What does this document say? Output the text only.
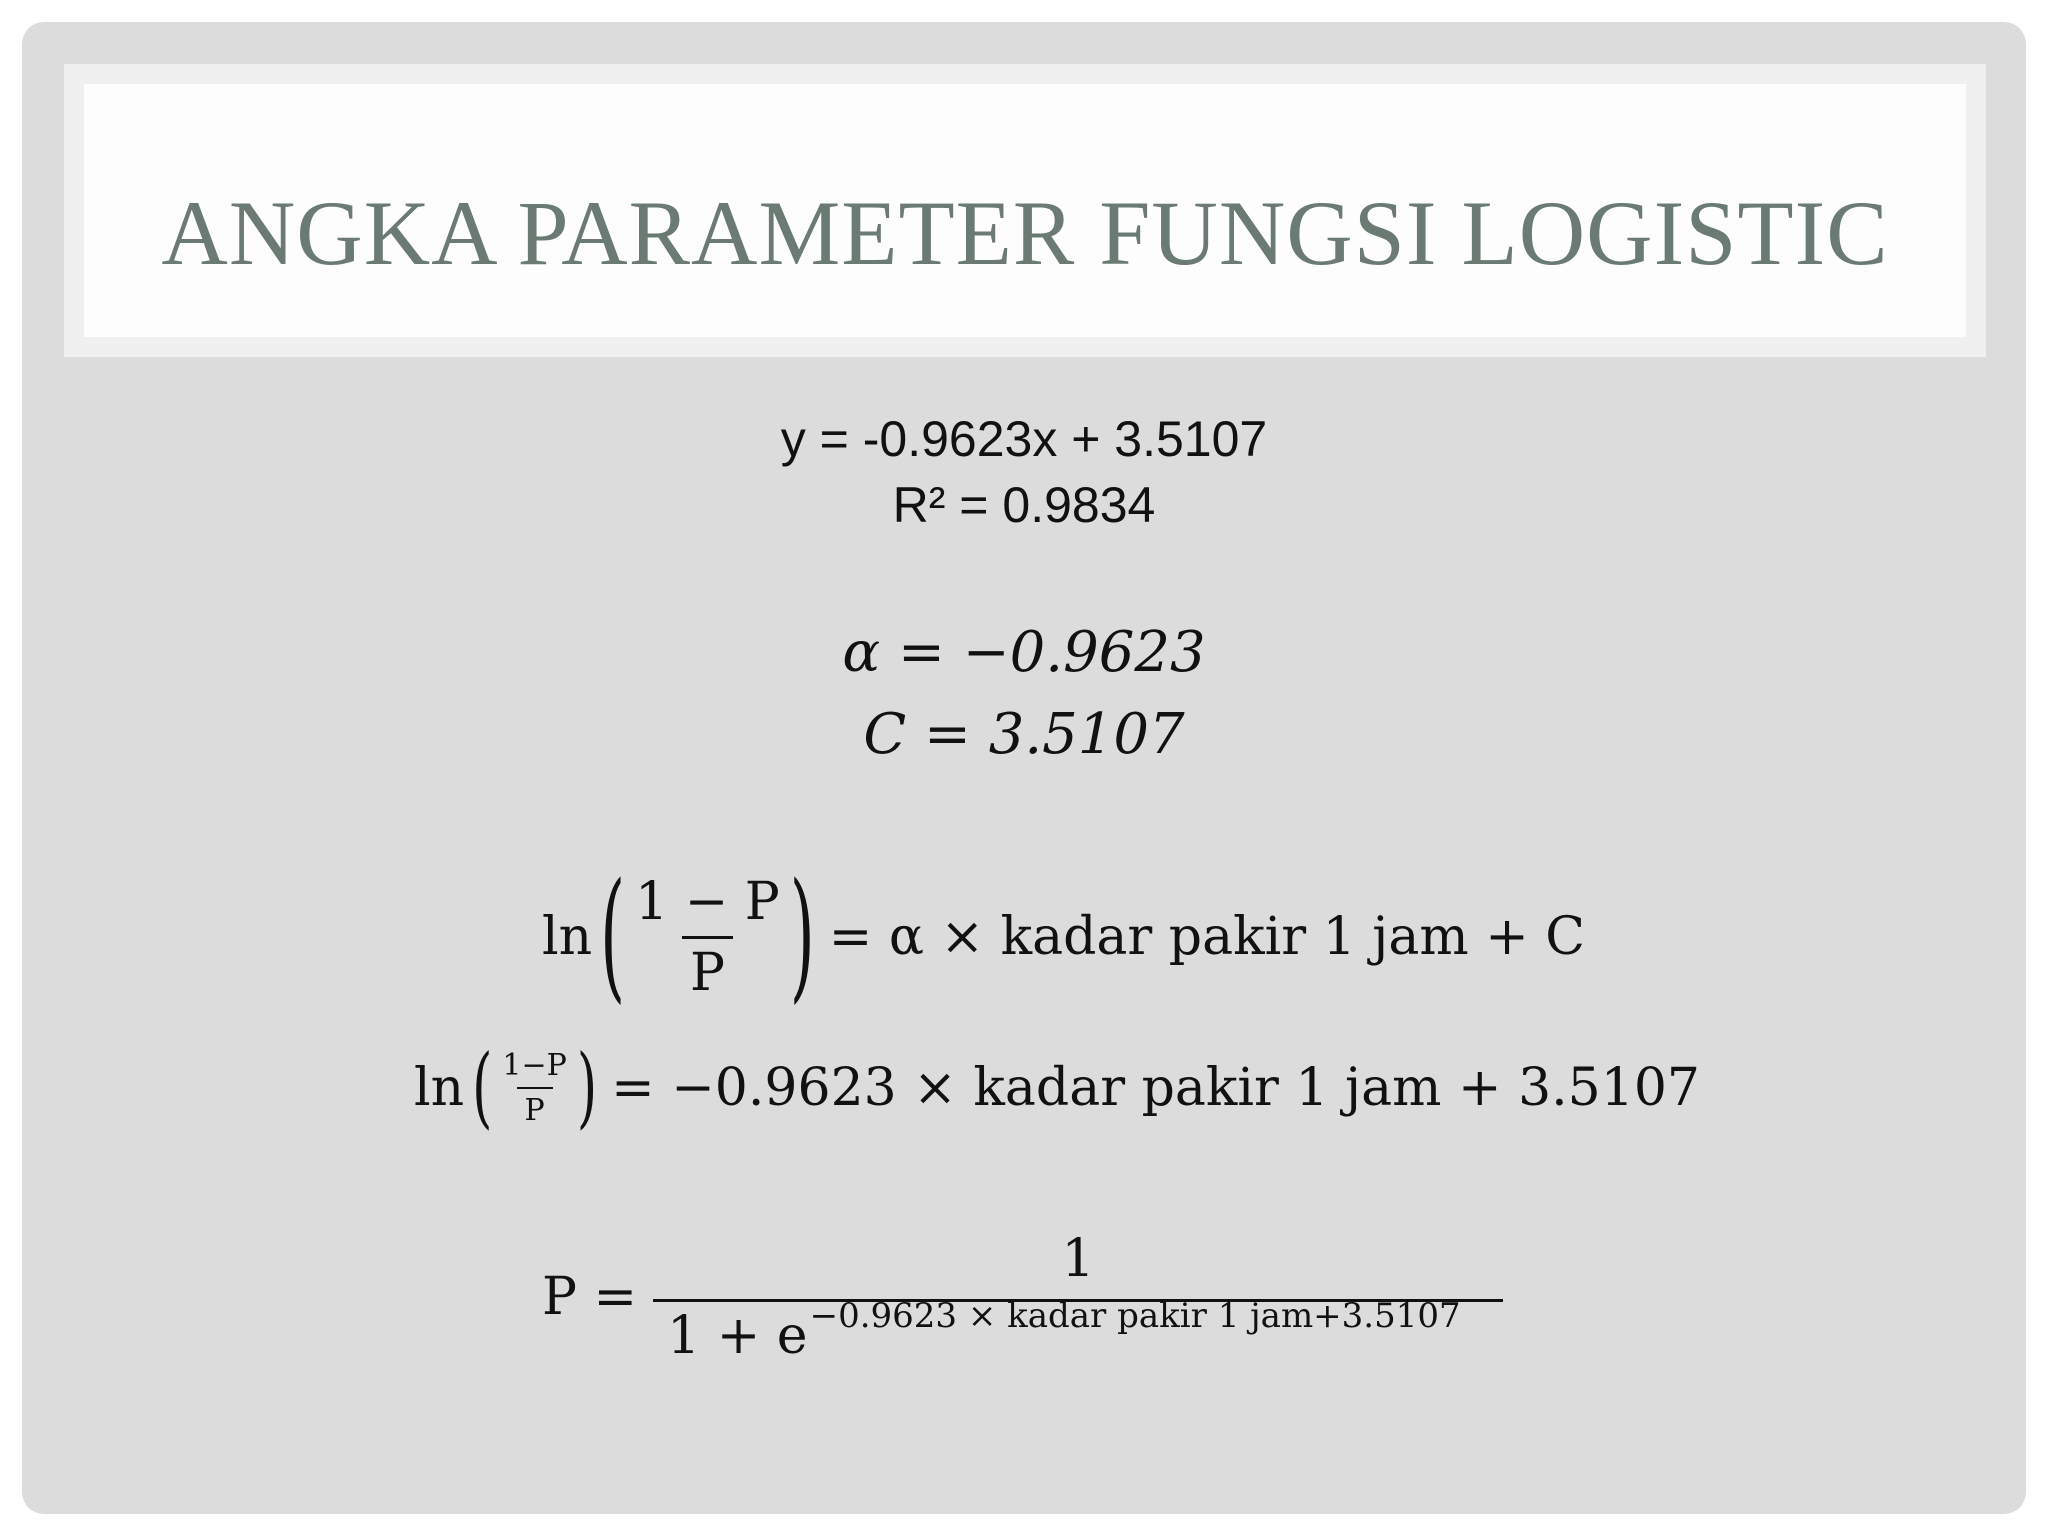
ANGKA PARAMETER FUNGSI LOGISTIC
y = -0.9623x + 3.5107
R² = 0.9834
α = −0.9623
C = 3.5107
ln ( $\frac{1 - P}{P}$ ) = α × kadar pakir 1 jam + C
ln ( $\frac{1-P}{P}$ ) = −0.9623 × kadar pakir 1 jam + 3.5107
$P = \frac{1}{1 + e^{-0.9623 \times kadar pakir 1 jam+3.5107}}$
